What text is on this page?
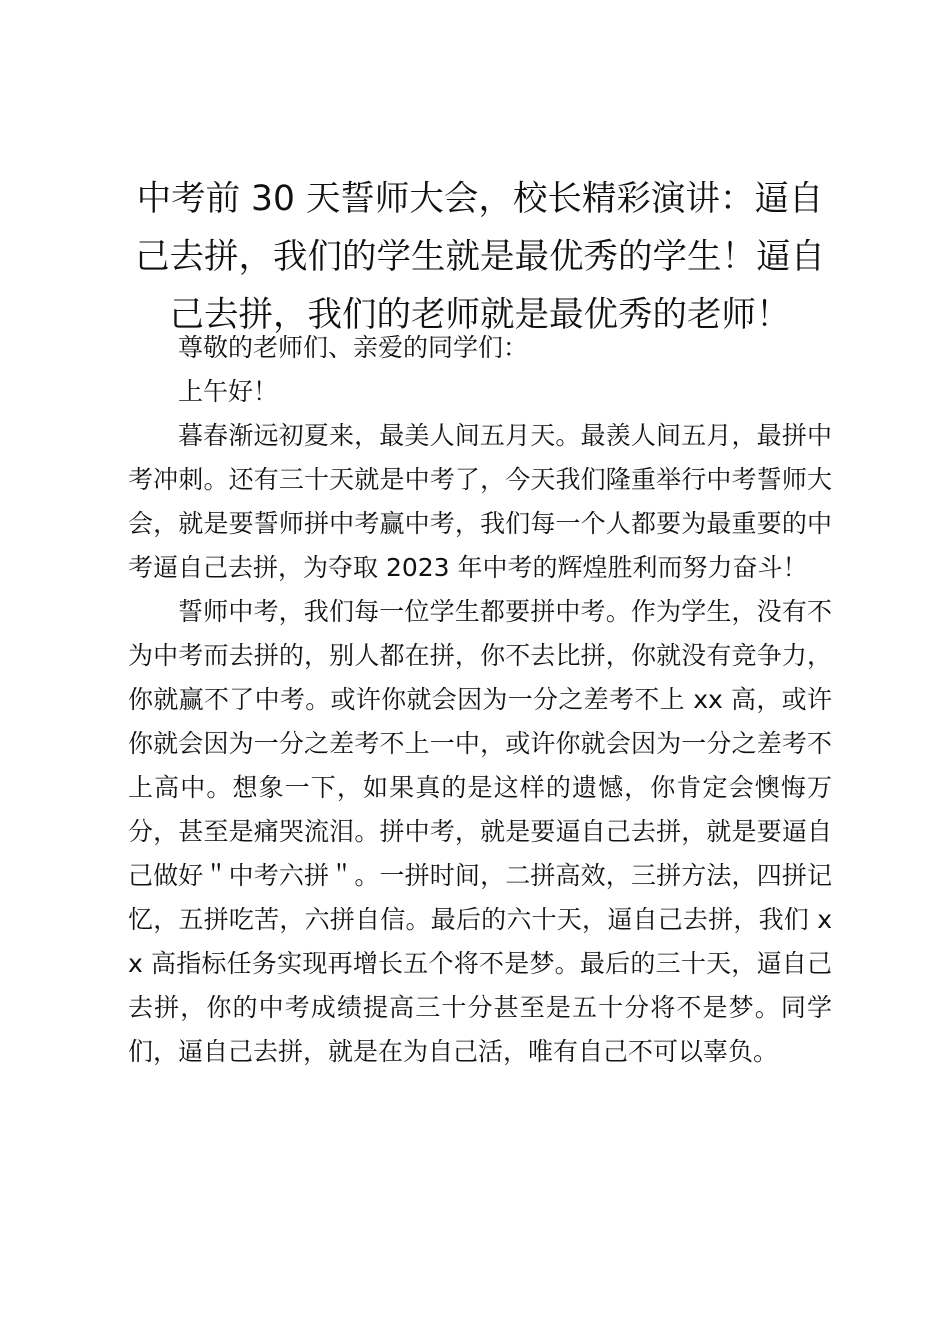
中考前 30 天誓师大会，校长精彩演讲：逼自己去拼，我们的学生就是最优秀的学生！逼自己去拼，我们的老师就是最优秀的老师！

尊敬的老师们、亲爱的同学们：

上午好！

暮春渐远初夏来，最美人间五月天。最羡人间五月，最拼中考冲刺。还有三十天就是中考了，今天我们隆重举行中考誓师大会，就是要誓师拼中考赢中考，我们每一个人都要为最重要的中考逼自己去拼，为夺取 2023 年中考的辉煌胜利而努力奋斗！

誓师中考，我们每一位学生都要拼中考。作为学生，没有不为中考而去拼的，别人都在拼，你不去比拼，你就没有竞争力，你就赢不了中考。或许你就会因为一分之差考不上 xx 高，或许你就会因为一分之差考不上一中，或许你就会因为一分之差考不上高中。想象一下，如果真的是这样的遗憾，你肯定会懊悔万分，甚至是痛哭流泪。拼中考，就是要逼自己去拼，就是要逼自己做好＂中考六拼＂。一拼时间，二拼高效，三拼方法，四拼记忆，五拼吃苦，六拼自信。最后的六十天，逼自己去拼，我们 xx 高指标任务实现再增长五个将不是梦。最后的三十天，逼自己去拼，你的中考成绩提高三十分甚至是五十分将不是梦。同学们，逼自己去拼，就是在为自己活，唯有自己不可以辜负。
